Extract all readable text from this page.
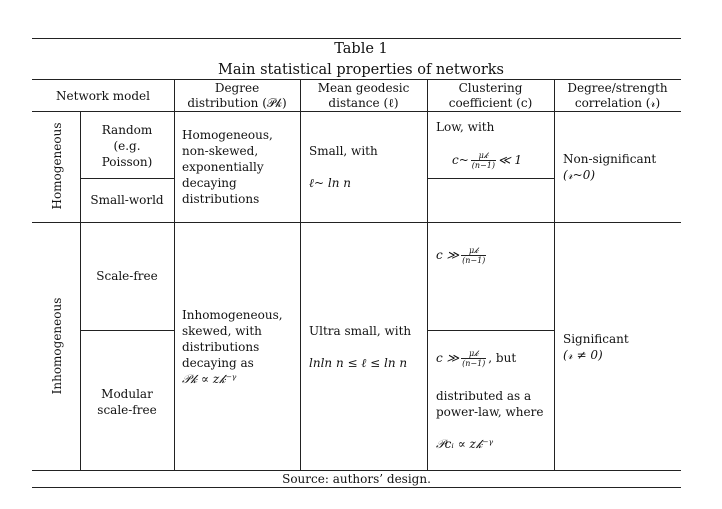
Table 1
Main statistical properties of networks
Network model
Degree
distribution (𝒫𝓀)
Mean geodesic
distance (ℓ)
Clustering
coefficient (c)
Degree/strength
correlation (𝓇)
Homogeneous
Inhomogeneous
Random
(e.g.
Poisson)
Small-world
Scale-free
Modular
scale-free
Homogeneous,
non-skewed,
exponentially
decaying
distributions
Small, with
ℓ~ ln 𝑛
Low, with
c~ $\frac{\text{μ𝓀}}{(n-1)}$ ≪ 1	Non-significant
(𝓇~0)
c ≫ $\frac{\text{μ𝓀}}{(n-1)}$
Inhomogeneous,
skewed, with
distributions
decaying as
𝒫𝓀 ∝ z𝓀⁻ᵞ
Ultra small, with
lnln 𝑛 ≤ ℓ ≤ ln 𝑛 c ≫ $\frac{\text{μ𝓀}}{(n-1)}$ , but
distributed as a
power-law, where
𝒫cᵢ ∝ z𝓀⁻ᵞ
Significant
(𝓇 ≠ 0)
Source: authors’ design.
